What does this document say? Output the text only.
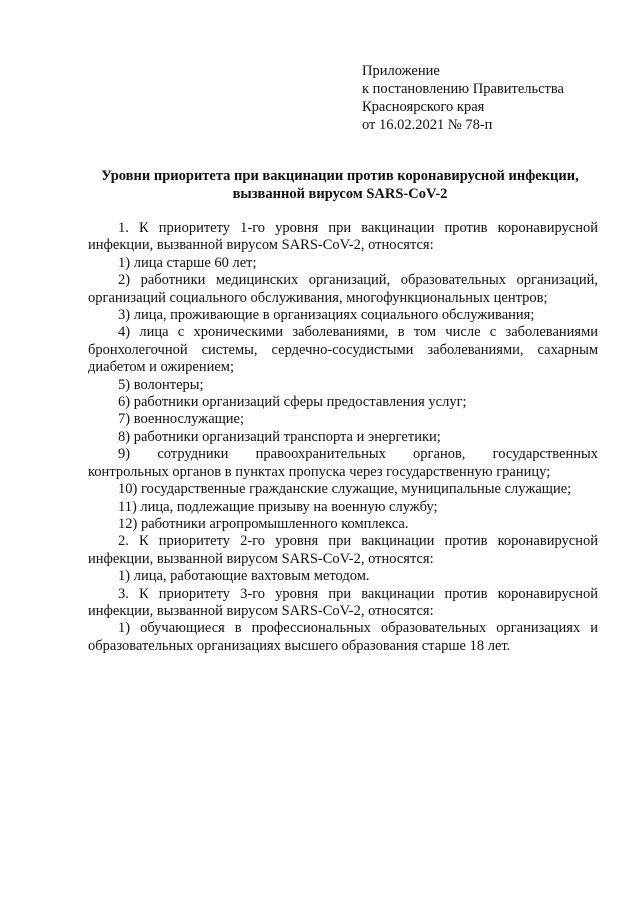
Приложение
к постановлению Правительства
Красноярского края
от 16.02.2021 № 78-п
Уровни приоритета при вакцинации против коронавирусной инфекции,
вызванной вирусом SARS-CoV-2

1. К приоритету 1-го уровня при вакцинации против коронавирусной

инфекции, вызванной вирусом SARS-CoV-2, относятся:

1) лица старше 60 лет;

2) работники медицинских организаций, образовательных организаций,

организаций социального обслуживания, многофункциональных центров;

3) лица, проживающие в организациях социального обслуживания;

4) лица с хроническими заболеваниями, в том числе с заболеваниями

бронхолегочной системы, сердечно-сосудистыми заболеваниями, сахарным

диабетом и ожирением;

5) волонтеры;

6) работники организаций сферы предоставления услуг;

7) военнослужащие;

8) работники организаций транспорта и энергетики;

9) сотрудники правоохранительных органов, государственных

контрольных органов в пунктах пропуска через государственную границу;

10) государственные гражданские служащие, муниципальные служащие;

11) лица, подлежащие призыву на военную службу;

12) работники агропромышленного комплекса.

2. К приоритету 2-го уровня при вакцинации против коронавирусной

инфекции, вызванной вирусом SARS-CoV-2, относятся:

1) лица, работающие вахтовым методом.

3. К приоритету 3-го уровня при вакцинации против коронавирусной

инфекции, вызванной вирусом SARS-CoV-2, относятся:

1) обучающиеся в профессиональных образовательных организациях и

образовательных организациях высшего образования старше 18 лет.
